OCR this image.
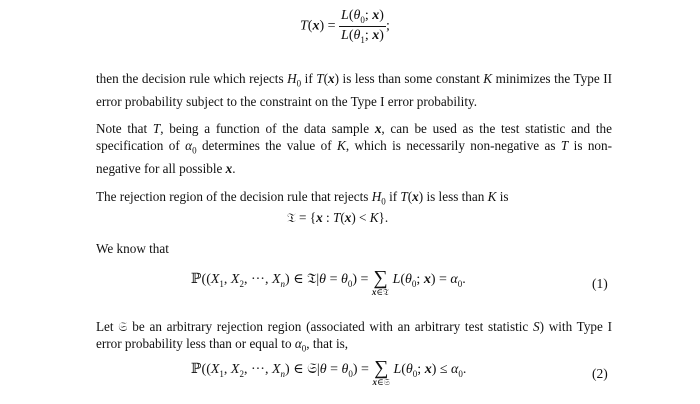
$T(x) = \frac{L(\theta_0; x)}{L(\theta_1; x)}$ ;

then the decision rule which rejects $H_0$ if T(x) is less than some constant K minimizes the Type II error probability subject to the constraint on the Type I error probability.

Note that T, being a function of the data sample x, can be used as the test statistic and the specification of $\alpha_0$ determines the value of K, which is necessarily non-negative as T is non-negative for all possible x.

The rejection region of the decision rule that rejects $H_0$ if T(x) is less than K is

𝔗 = {x : T(x) < K}.

We know that

$ℙ((X_1$, $X_2$, ···, $X_n$) ∈ 𝔗|θ = $\theta_0$) = ∑
x∈𝔗
$L(\theta_0$; $x) = \alpha_0$.	(1)

Let 𝔖 be an arbitrary rejection region (associated with an arbitrary test statistic S) with Type I error probability less than or equal to $\alpha_0$, that is,

$ℙ((X_1$, $X_2$, ···, $X_n$) ∈ 𝔖|θ = $\theta_0$) = ∑
x∈𝔖
$L(\theta_0$; $x) \le \alpha_0$.	(2)
